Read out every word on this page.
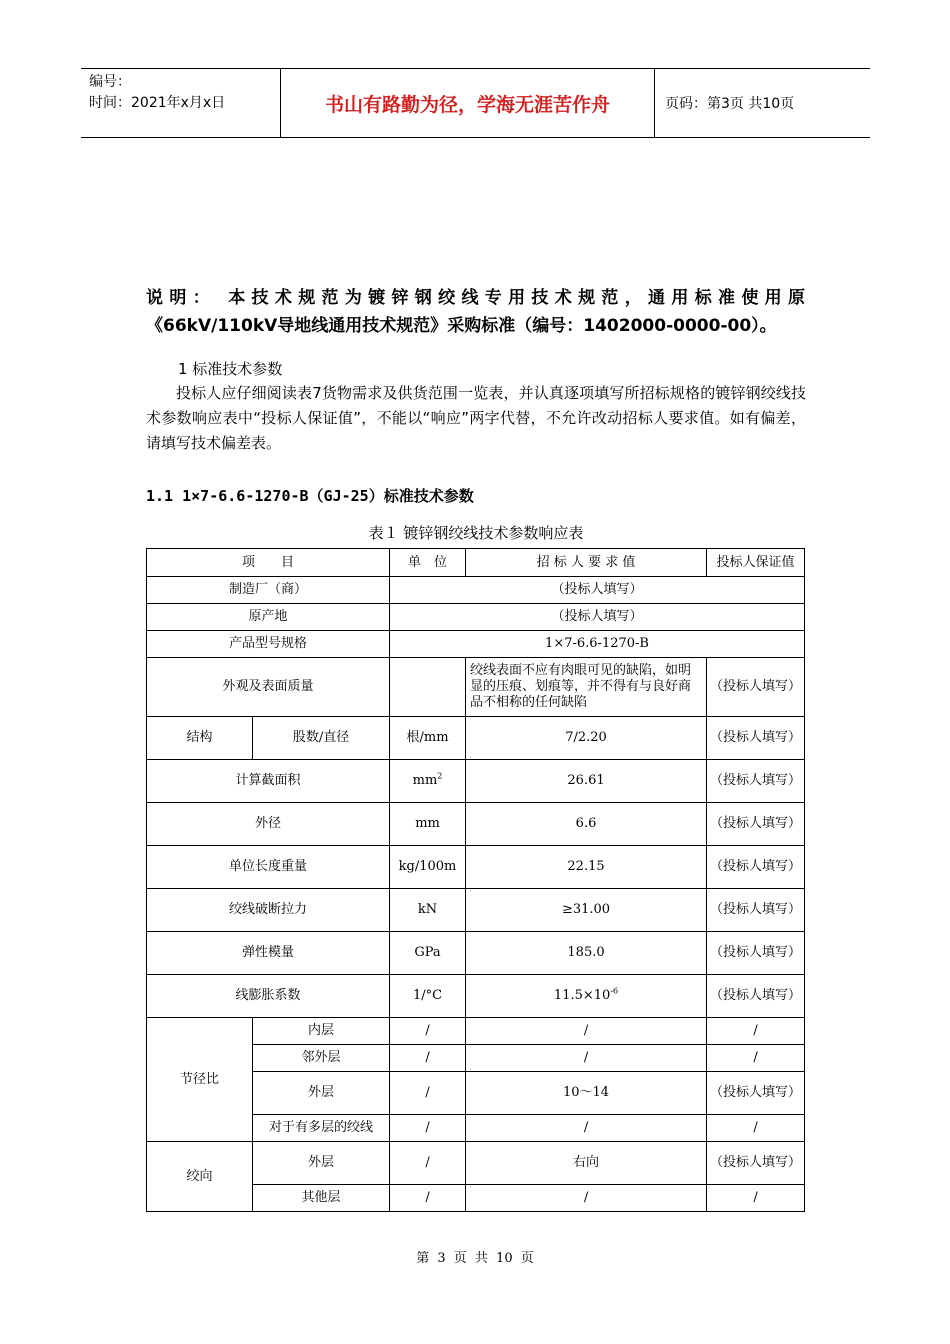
编号：
时间：2021年x月x日	书山有路勤为径，学海无涯苦作舟	页码：第3页 共10页
说明： 本技术规范为镀锌钢绞线专用技术规范，通用标准使用原
《66kV/110kV导地线通用技术规范》采购标准（编号：1402000-0000-00）。
1 标准技术参数
投标人应仔细阅读表7货物需求及供货范围一览表，并认真逐项填写所招标规格的镀锌钢绞线技术参数响应表中“投标人保证值”，不能以“响应”两字代替，不允许改动招标人要求值。如有偏差，请填写技术偏差表。
1.1 1×7-6.6-1270-B（GJ-25）标准技术参数
表１ 镀锌钢绞线技术参数响应表
项　　目		单　位	招 标 人 要 求 值	投标人保证值
制造厂（商）		（投标人填写）		
原产地		（投标人填写）		
产品型号规格		1×7-6.6-1270-B		
外观及表面质量			绞线表面不应有肉眼可见的缺陷，如明显的压痕、划痕等，并不得有与良好商品不相称的任何缺陷	（投标人填写）
结构	股数/直径	根/mm	7/2.20	（投标人填写）
计算截面积		$mm^2$	26.61	（投标人填写）
外径		mm	6.6	（投标人填写）
单位长度重量		kg/100m	22.15	（投标人填写）
绞线破断拉力		kN	≥31.00	（投标人填写）
弹性模量		GPa	185.0	（投标人填写）
线膨胀系数		1/°C	$11.5\times 10^{-6}$	（投标人填写）
节径比	内层	/	/	/
	邻外层	/	/	/
	外层	/	10～14	（投标人填写）
	对于有多层的绞线	/	/	/
绞向	外层	/	右向	（投标人填写）
	其他层	/	/	/
第 3 页 共 10 页
